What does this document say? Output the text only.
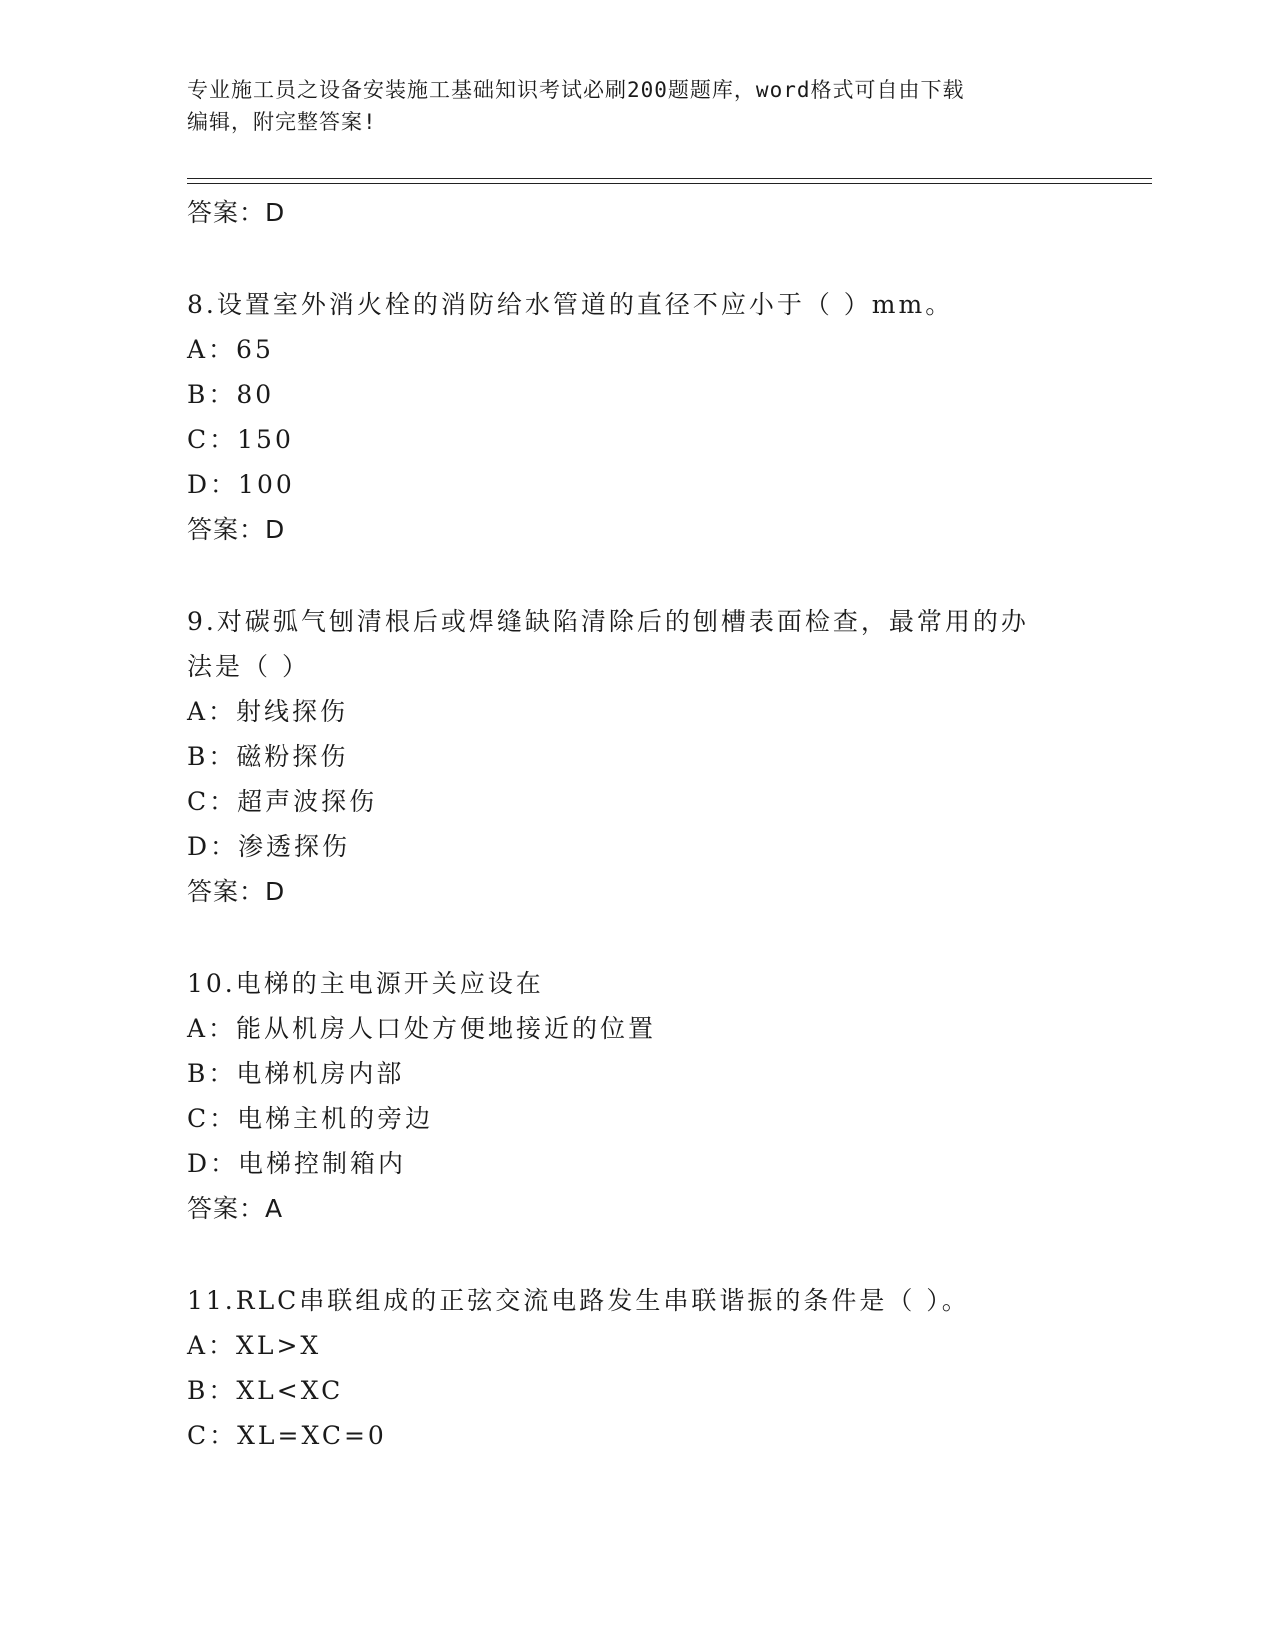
专业施工员之设备安装施工基础知识考试必刷200题题库，word格式可自由下载
编辑，附完整答案!
答案：D
8.设置室外消火栓的消防给水管道的直径不应小于（ ）mm。
A：65
B：80
C：150
D：100
答案：D
9.对碳弧气刨清根后或焊缝缺陷清除后的刨槽表面检查，最常用的办
法是（ ）
A：射线探伤
B：磁粉探伤
C：超声波探伤
D：渗透探伤
答案：D
10.电梯的主电源开关应设在
A：能从机房人口处方便地接近的位置
B：电梯机房内部
C：电梯主机的旁边
D：电梯控制箱内
答案：A
11.RLC串联组成的正弦交流电路发生串联谐振的条件是（ ）。
A：XL>X
B：XL<XC
C：XL=XC=0
